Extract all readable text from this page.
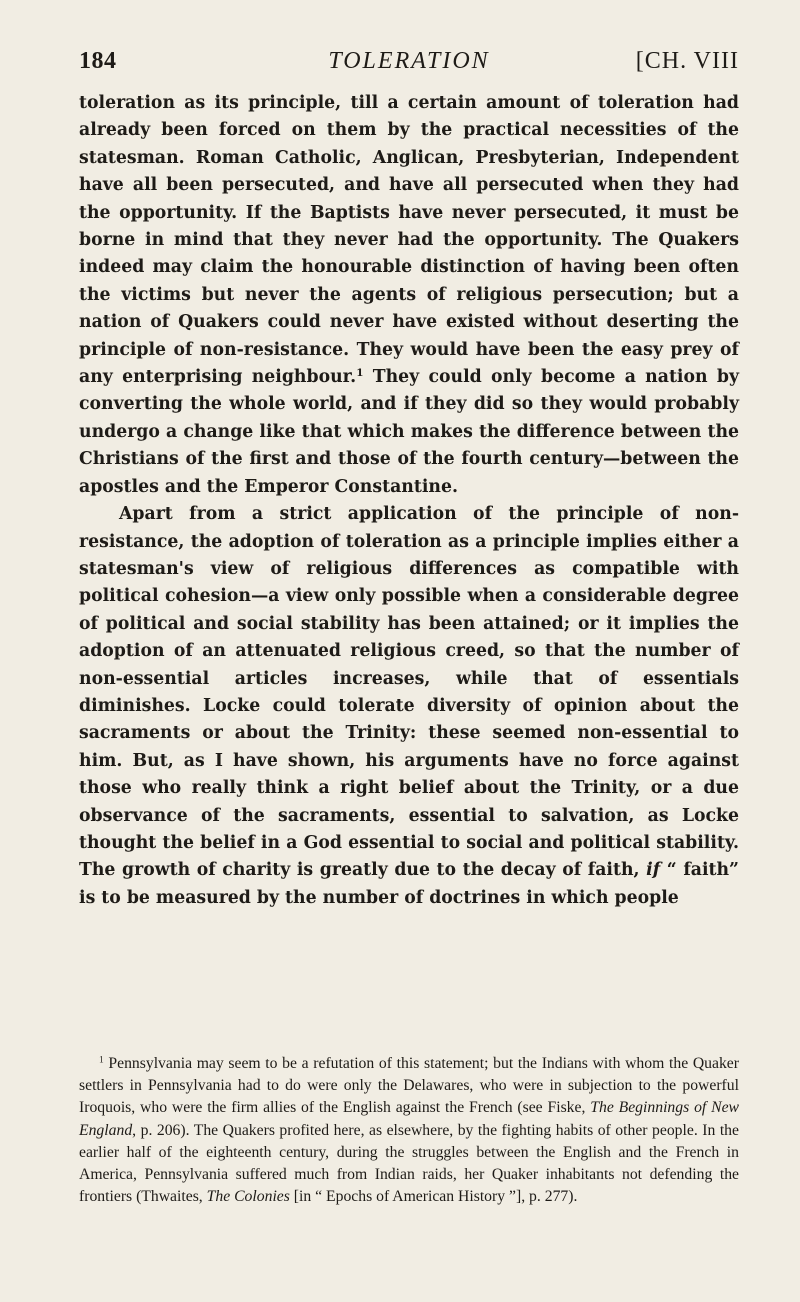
184	TOLERATION	[CH. VIII

toleration as its principle, till a certain amount of toleration had already been forced on them by the practical necessities of the statesman. Roman Catholic, Anglican, Presbyterian, Independent have all been persecuted, and have all persecuted when they had the opportunity. If the Baptists have never persecuted, it must be borne in mind that they never had the opportunity. The Quakers indeed may claim the honourable distinction of having been often the victims but never the agents of religious persecution; but a nation of Quakers could never have existed without deserting the principle of non-resistance. They would have been the easy prey of any enterprising neighbour.$^1$ They could only become a nation by converting the whole world, and if they did so they would probably undergo a change like that which makes the difference between the Christians of the first and those of the fourth century—between the apostles and the Emperor Constantine.

Apart from a strict application of the principle of non-resistance, the adoption of toleration as a principle implies either a statesman's view of religious differences as compatible with political cohesion—a view only possible when a considerable degree of political and social stability has been attained; or it implies the adoption of an attenuated religious creed, so that the number of non-essential articles increases, while that of essentials diminishes. Locke could tolerate diversity of opinion about the sacraments or about the Trinity: these seemed non-essential to him. But, as I have shown, his arguments have no force against those who really think a right belief about the Trinity, or a due observance of the sacraments, essential to salvation, as Locke thought the belief in a God essential to social and political stability. The growth of charity is greatly due to the decay of faith, if “ faith” is to be measured by the number of doctrines in which people

$^1$ Pennsylvania may seem to be a refutation of this statement; but the Indians with whom the Quaker settlers in Pennsylvania had to do were only the Delawares, who were in subjection to the powerful Iroquois, who were the firm allies of the English against the French (see Fiske, The Beginnings of New England, p. 206). The Quakers profited here, as elsewhere, by the fighting habits of other people. In the earlier half of the eighteenth century, during the struggles between the English and the French in America, Pennsylvania suffered much from Indian raids, her Quaker inhabitants not defending the frontiers (Thwaites, The Colonies [in “ Epochs of American History ”], p. 277).
